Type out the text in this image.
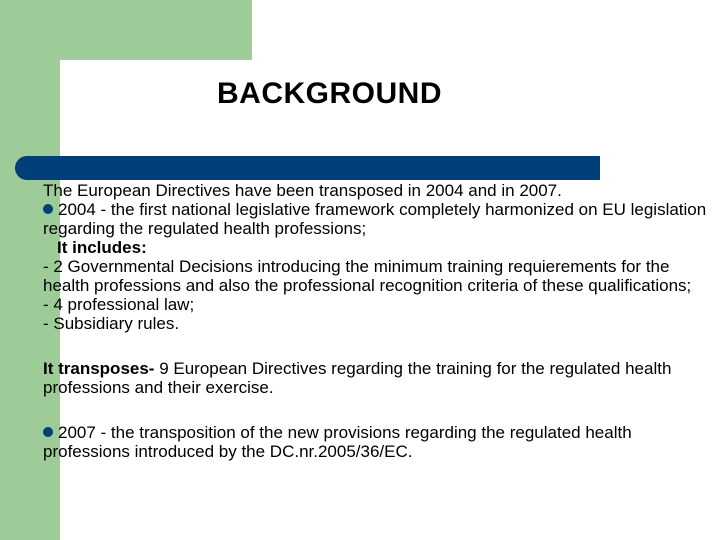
BACKGROUND

The European Directives have been transposed in 2004 and in 2007.

2004 - the first national legislative framework completely harmonized on EU legislation regarding the regulated health professions;

It includes:

- 2 Governmental Decisions introducing the minimum training requierements for the health professions and also the professional recognition criteria of these qualifications;

- 4 professional law;

- Subsidiary rules.

It transposes- 9 European Directives regarding the training for the regulated health professions and their exercise.

2007 - the transposition of the new provisions regarding the regulated health professions introduced by the DC.nr.2005/36/EC.
